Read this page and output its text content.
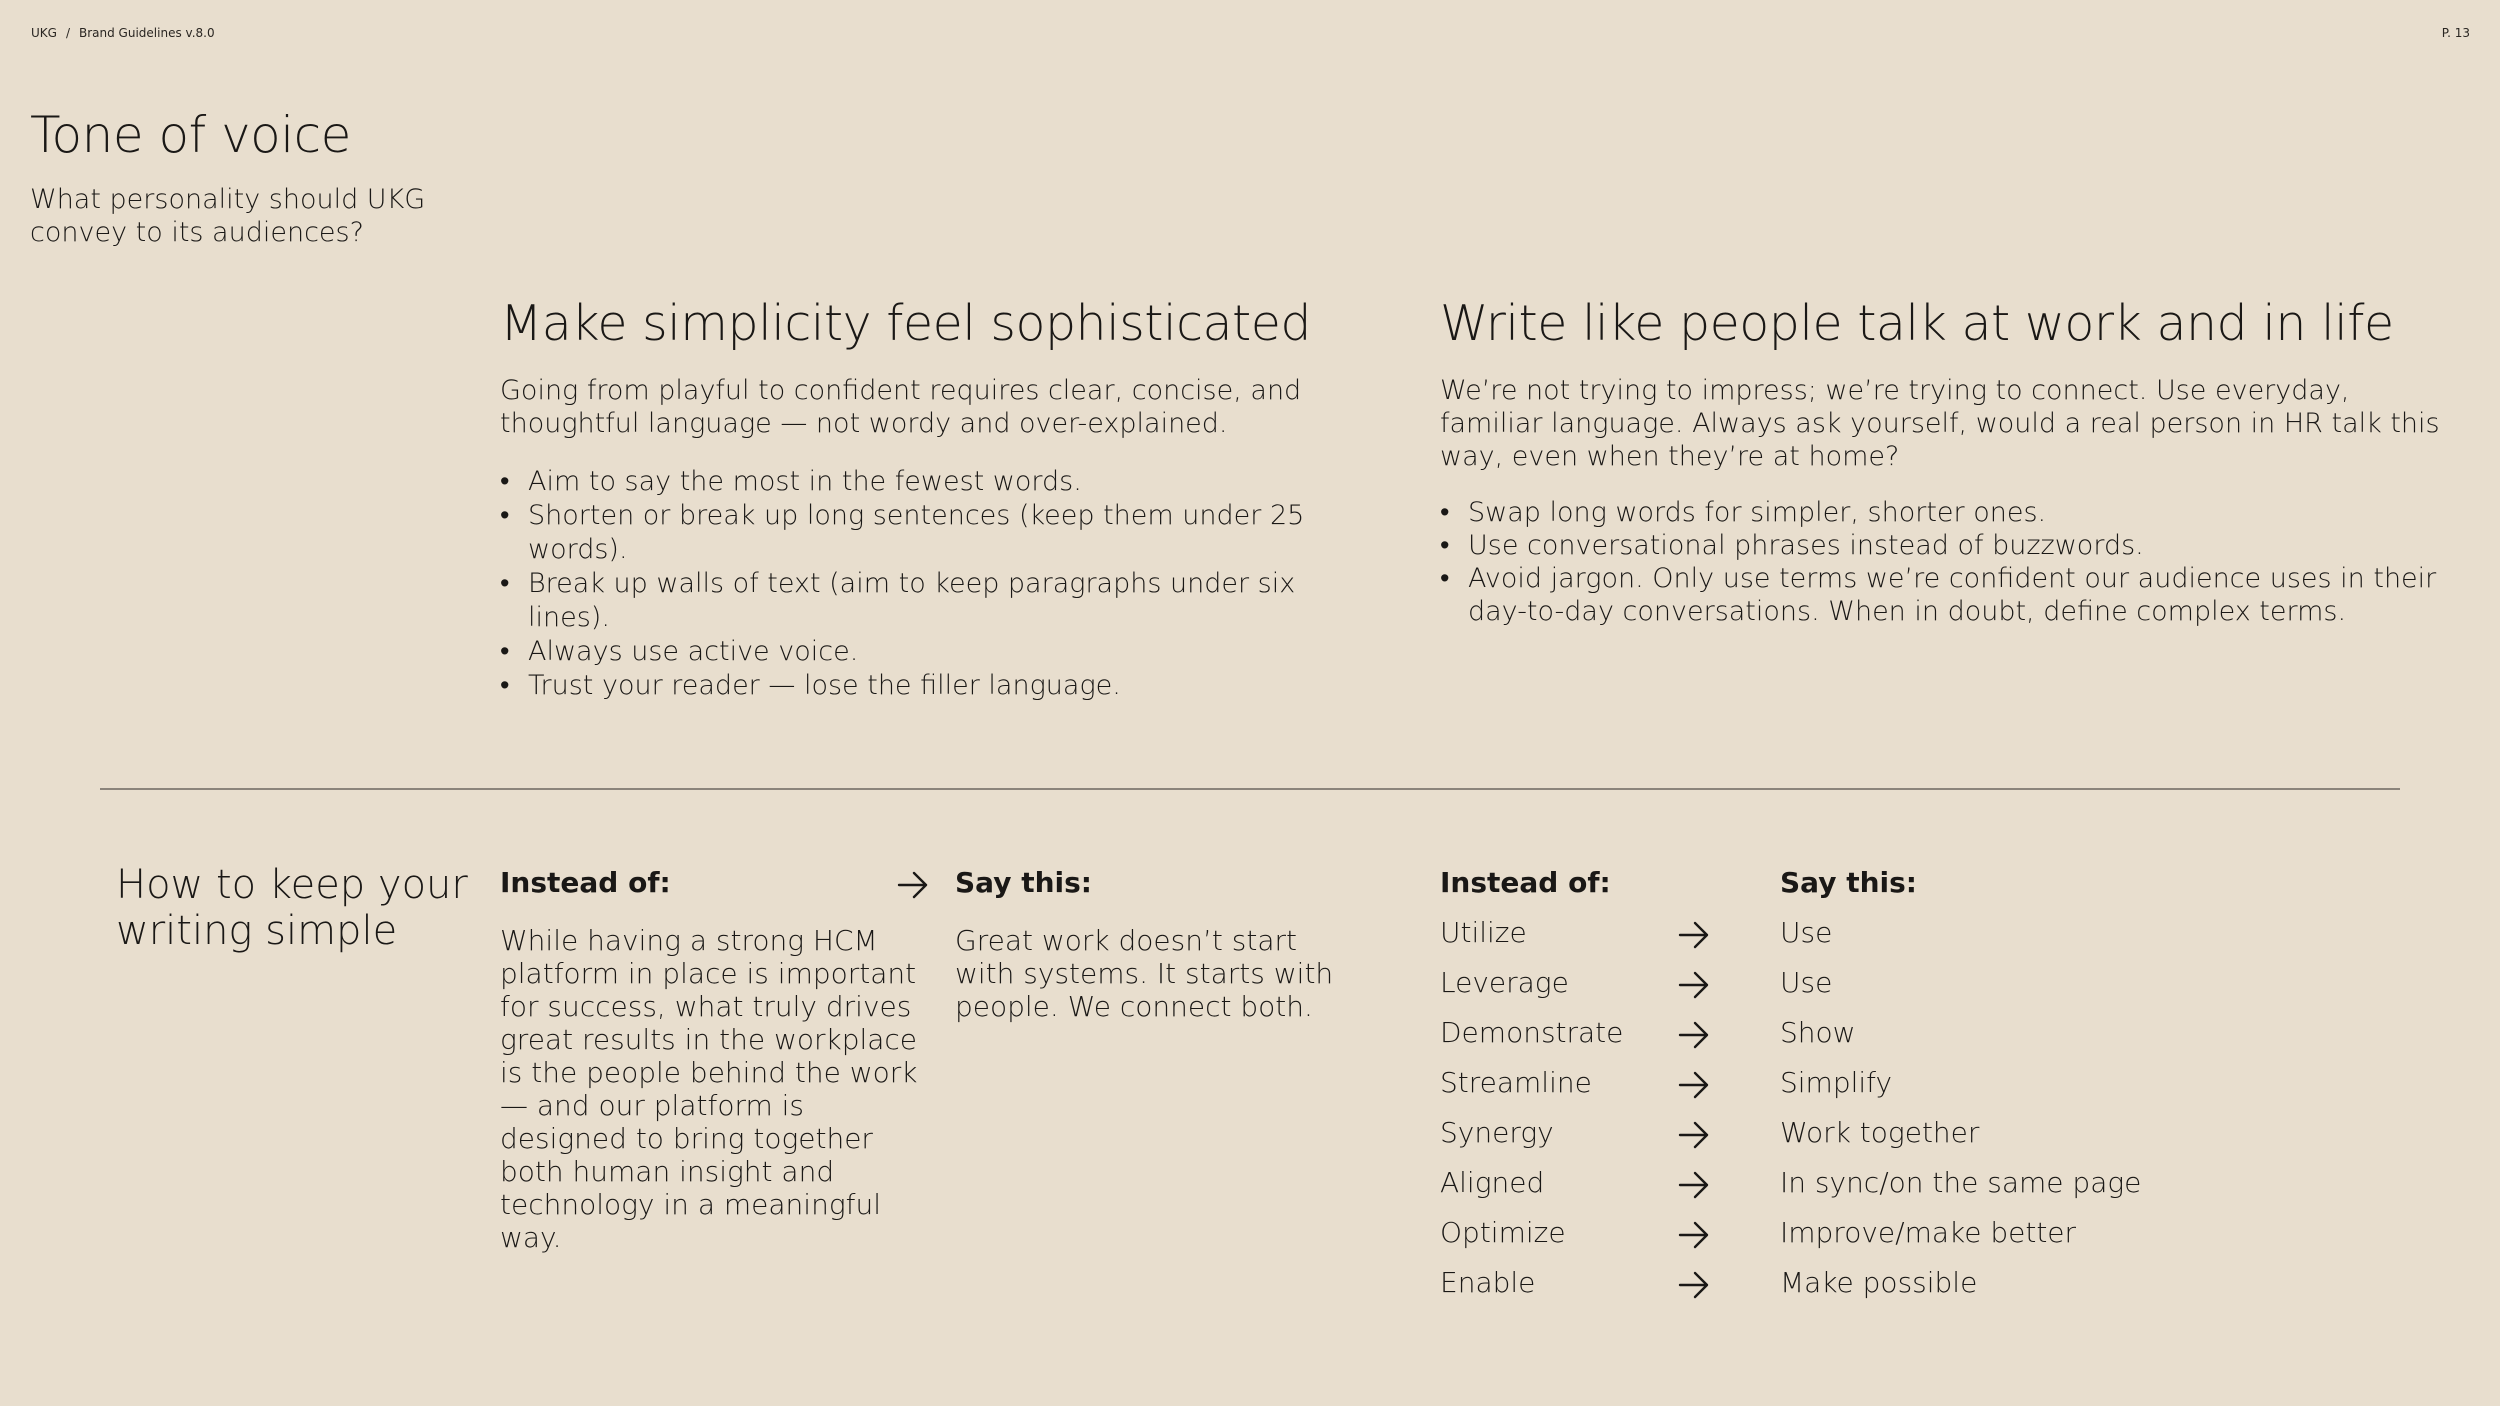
UKG / Brand Guidelines v.8.0	P. 13
Tone of voice
What personality should UKG convey to its audiences?
Make simplicity feel sophisticated
Going from playful to confident requires clear, concise, and thoughtful language — not wordy and over-explained.
• Aim to say the most in the fewest words.
• Shorten or break up long sentences (keep them under 25 words).
• Break up walls of text (aim to keep paragraphs under six lines).
• Always use active voice.
• Trust your reader — lose the filler language.
Write like people talk at work and in life
We’re not trying to impress; we’re trying to connect. Use everyday, familiar language. Always ask yourself, would a real person in HR talk this way, even when they’re at home?
• Swap long words for simpler, shorter ones.
• Use conversational phrases instead of buzzwords.
• Avoid jargon. Only use terms we’re confident our audience uses in their day-to-day conversations. When in doubt, define complex terms.
How to keep your writing simple
Instead of:	Say this:
While having a strong HCM platform in place is important for success, what truly drives great results in the workplace is the people behind the work — and our platform is designed to bring together both human insight and technology in a meaningful way.
Great work doesn’t start with systems. It starts with people. We connect both.
Instead of:	Say this:
Utilize	Use
Leverage	Use
Demonstrate	Show
Streamline	Simplify
Synergy	Work together
Aligned	In sync/on the same page
Optimize	Improve/make better
Enable	Make possible
